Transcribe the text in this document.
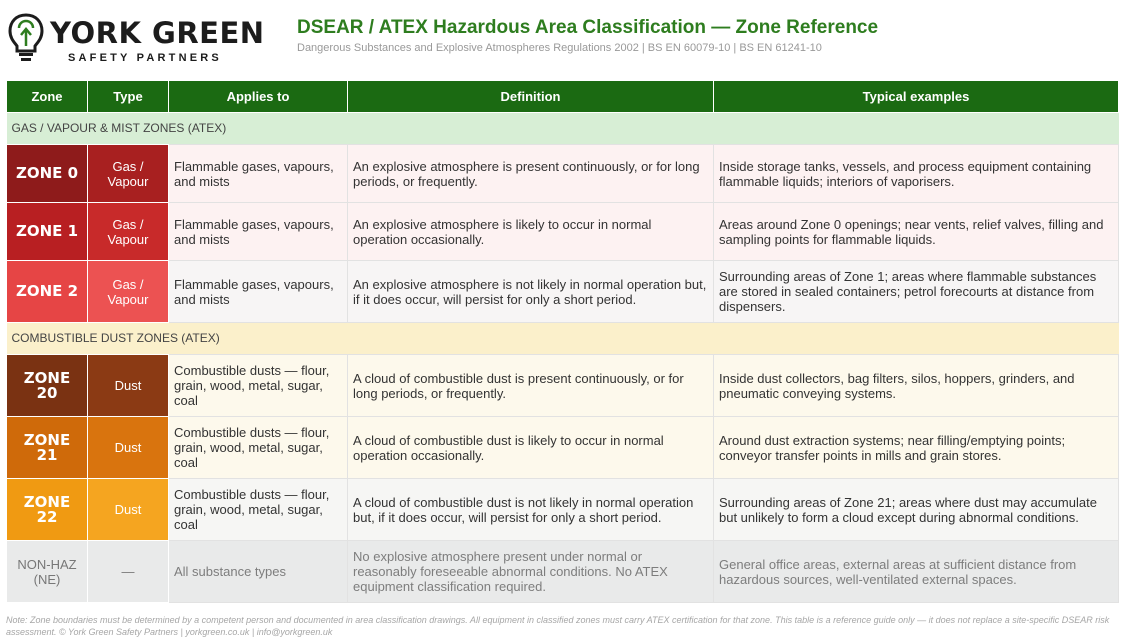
YORK GREEN
SAFETY PARTNERS
DSEAR / ATEX Hazardous Area Classification — Zone Reference
Dangerous Substances and Explosive Atmospheres Regulations 2002 | BS EN 60079-10 | BS EN 61241-10
Zone	Type	Applies to	Definition	Typical examples
GAS / VAPOUR & MIST ZONES (ATEX)				
ZONE 0	Gas / Vapour	Flammable gases, vapours, and mists	An explosive atmosphere is present continuously, or for long periods, or frequently.	Inside storage tanks, vessels, and process equipment containing flammable liquids; interiors of vaporisers.
ZONE 1	Gas / Vapour	Flammable gases, vapours, and mists	An explosive atmosphere is likely to occur in normal operation occasionally.	Areas around Zone 0 openings; near vents, relief valves, filling and sampling points for flammable liquids.
ZONE 2	Gas / Vapour	Flammable gases, vapours, and mists	An explosive atmosphere is not likely in normal operation but, if it does occur, will persist for only a short period.	Surrounding areas of Zone 1; areas where flammable substances are stored in sealed containers; petrol forecourts at distance from dispensers.
COMBUSTIBLE DUST ZONES (ATEX)				
ZONE 20	Dust	Combustible dusts — flour, grain, wood, metal, sugar, coal	A cloud of combustible dust is present continuously, or for long periods, or frequently.	Inside dust collectors, bag filters, silos, hoppers, grinders, and pneumatic conveying systems.
ZONE 21	Dust	Combustible dusts — flour, grain, wood, metal, sugar, coal	A cloud of combustible dust is likely to occur in normal operation occasionally.	Around dust extraction systems; near filling/emptying points; conveyor transfer points in mills and grain stores.
ZONE 22	Dust	Combustible dusts — flour, grain, wood, metal, sugar, coal	A cloud of combustible dust is not likely in normal operation but, if it does occur, will persist for only a short period.	Surrounding areas of Zone 21; areas where dust may accumulate but unlikely to form a cloud except during abnormal conditions.
NON-HAZ (NE)	—	All substance types	No explosive atmosphere present under normal or reasonably foreseeable abnormal conditions. No ATEX equipment classification required.	General office areas, external areas at sufficient distance from hazardous sources, well-ventilated external spaces.
Note: Zone boundaries must be determined by a competent person and documented in area classification drawings. All equipment in classified zones must carry ATEX certification for that zone. This table is a reference guide only — it does not replace a site-specific DSEAR risk assessment. © York Green Safety Partners | yorkgreen.co.uk | info@yorkgreen.uk
